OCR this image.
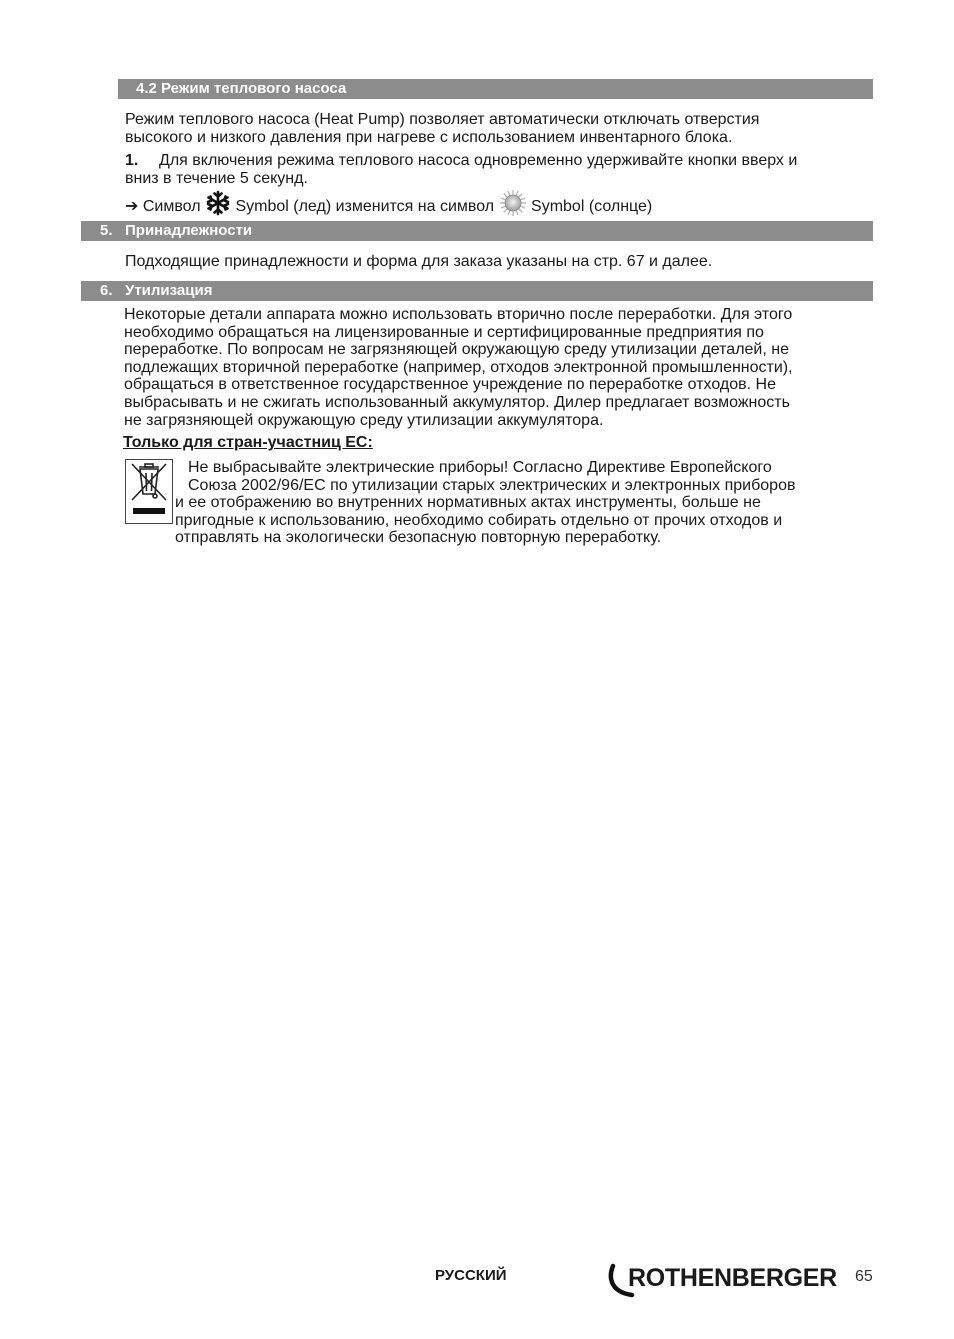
4.2 Режим теплового насоса
Режим теплового насоса (Heat Pump) позволяет автоматически отключать отверстия
высокого и низкого давления при нагреве с использованием инвентарного блока.
1. Для включения режима теплового насоса одновременно удерживайте кнопки вверх и
вниз в течение 5 секунд.
➔ Символ Symbol (лед) изменится на символ Symbol (солнце)
5. Принадлежности
Подходящие принадлежности и форма для заказа указаны на стр. 67 и далее.
6. Утилизация
Некоторые детали аппарата можно использовать вторично после переработки. Для этого
необходимо обращаться на лицензированные и сертифицированные предприятия по
переработке. По вопросам не загрязняющей окружающую среду утилизации деталей, не
подлежащих вторичной переработке (например, отходов электронной промышленности),
обращаться в ответственное государственное учреждение по переработке отходов. Не
выбрасывать и не сжигать использованный аккумулятор. Дилер предлагает возможность
не загрязняющей окружающую среду утилизации аккумулятора.
Только для стран-участниц ЕС:
Не выбрасывайте электрические приборы! Согласно Директиве Европейского
Союза 2002/96/ЕС по утилизации старых электрических и электронных приборов
и ее отображению во внутренних нормативных актах инструменты, больше не
пригодные к использованию, необходимо собирать отдельно от прочих отходов и
отправлять на экологически безопасную повторную переработку.
РУССКИЙ	ROTHENBERGER 65
